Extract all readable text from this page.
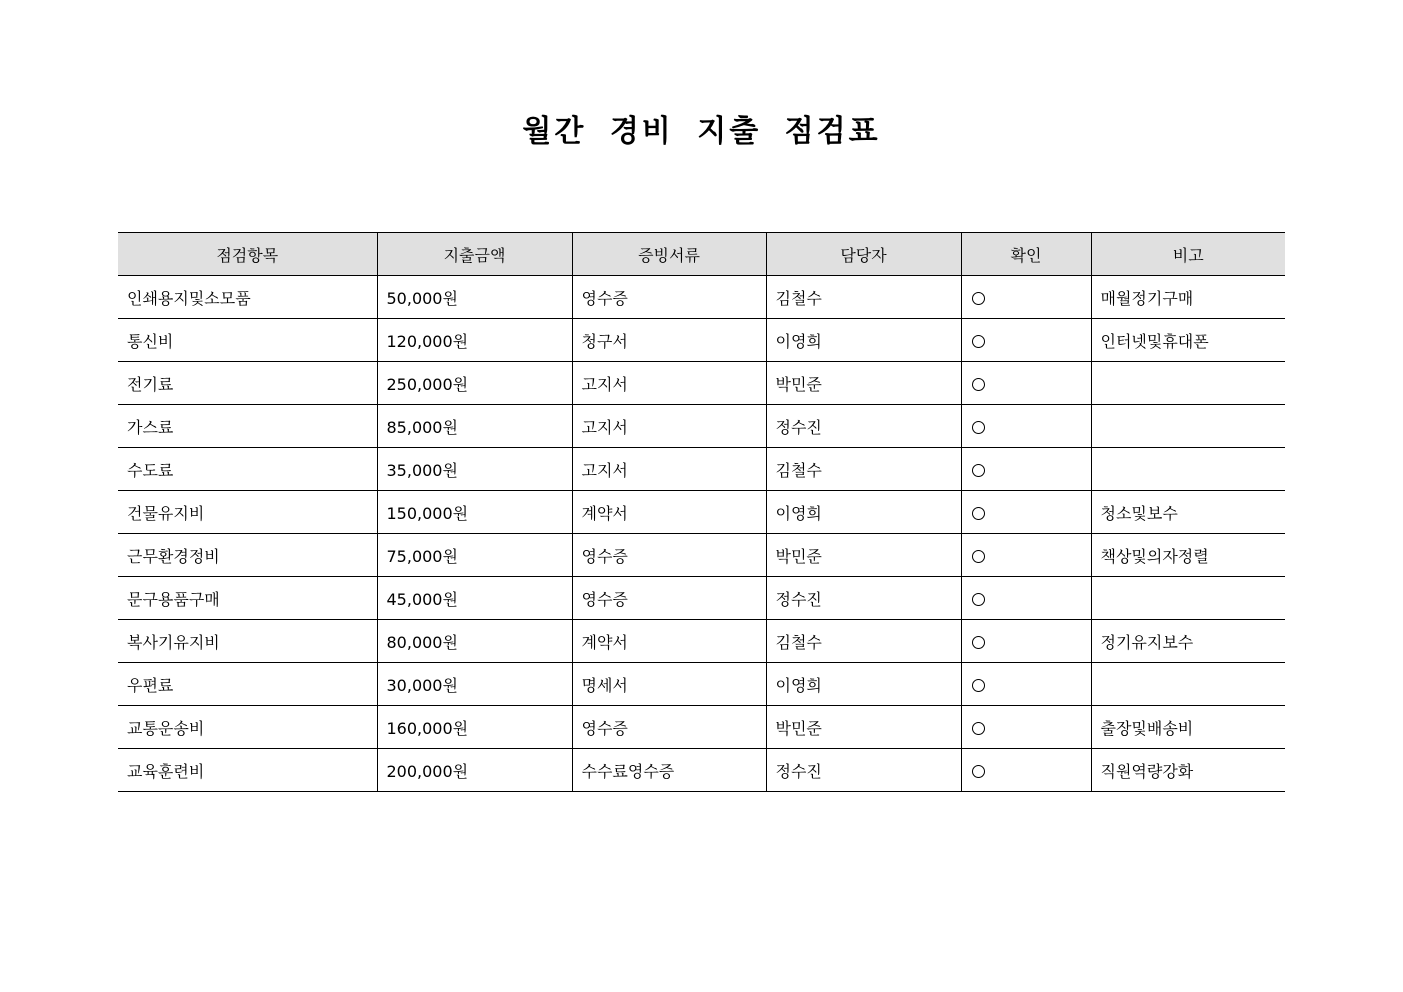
월간 경비 지출 점검표
점검항목	지출금액	증빙서류	담당자	확인	비고
인쇄용지및소모품	50,000원	영수증	김철수		매월정기구매
통신비	120,000원	청구서	이영희		인터넷및휴대폰
전기료	250,000원	고지서	박민준		
가스료	85,000원	고지서	정수진		
수도료	35,000원	고지서	김철수		
건물유지비	150,000원	계약서	이영희		청소및보수
근무환경정비	75,000원	영수증	박민준		책상및의자정렬
문구용품구매	45,000원	영수증	정수진		
복사기유지비	80,000원	계약서	김철수		정기유지보수
우편료	30,000원	명세서	이영희		
교통운송비	160,000원	영수증	박민준		출장및배송비
교육훈련비	200,000원	수수료영수증	정수진		직원역량강화
